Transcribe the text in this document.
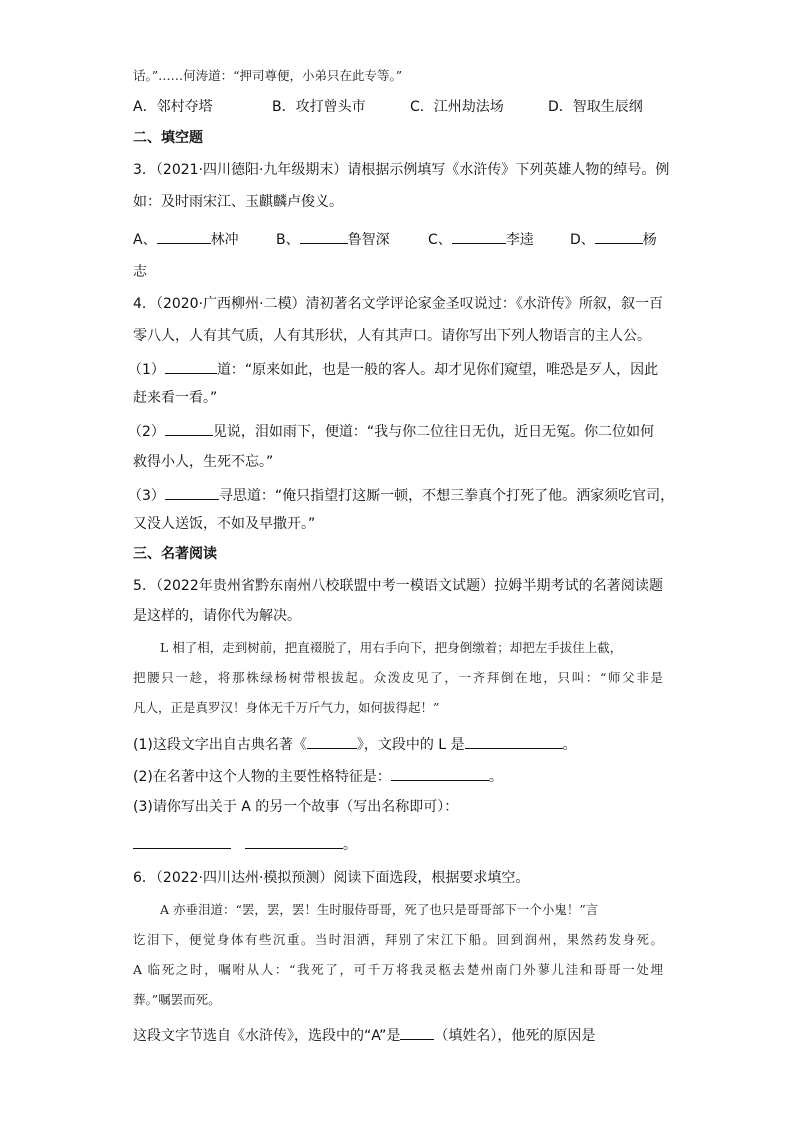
话。”……何涛道：“押司尊便，小弟只在此专等。”
A．邻村夺塔	B．攻打曾头市	C．江州劫法场	D．智取生辰纲
二、填空题
3．（2021·四川德阳·九年级期末）请根据示例填写《水浒传》下列英雄人物的绰号。例
如：及时雨宋江、玉麒麟卢俊义。
A、	林冲	B、	鲁智深	C、	李逵	D、	杨
志
4．（2020·广西柳州·二模）清初著名文学评论家金圣叹说过：《水浒传》所叙，叙一百
零八人，人有其气质，人有其形状，人有其声口。请你写出下列人物语言的主人公。
（1）	道：“原来如此，也是一般的客人。却才见你们窥望，唯恐是歹人，因此
赶来看一看。”
（2）	见说，泪如雨下，便道：“我与你二位往日无仇，近日无冤。你二位如何
救得小人，生死不忘。”
（3）	寻思道：“俺只指望打这厮一顿，不想三拳真个打死了他。洒家须吃官司，
又没人送饭，不如及早撒开。”
三、名著阅读
5．（2022年贵州省黔东南州八校联盟中考一模语文试题）拉姆半期考试的名著阅读题
是这样的，请你代为解决。
L 相了相，走到树前，把直裰脱了，用右手向下，把身倒缴着；却把左手拔住上截，
把腰只一趁，将那株绿杨树带根拔起。众泼皮见了，一齐拜倒在地，只叫：“师父非是
凡人，正是真罗汉！身体无千万斤气力，如何拔得起！”
(1)这段文字出自古典名著《	》，文段中的 L 是	。
(2)在名著中这个人物的主要性格特征是：	。
(3)请你写出关于 A 的另一个故事（写出名称即可）：
。
6．（2022·四川达州·模拟预测）阅读下面选段，根据要求填空。
A 亦垂泪道：“罢，罢，罢！生时服侍哥哥，死了也只是哥哥部下一个小鬼！”言
讫泪下，便觉身体有些沉重。当时泪洒，拜别了宋江下船。回到润州，果然药发身死。
A 临死之时，嘱咐从人：“我死了，可千万将我灵柩去楚州南门外蓼儿洼和哥哥一处埋
葬。”嘱罢而死。
这段文字节选自《水浒传》，选段中的“A”是 （填姓名），他死的原因是
